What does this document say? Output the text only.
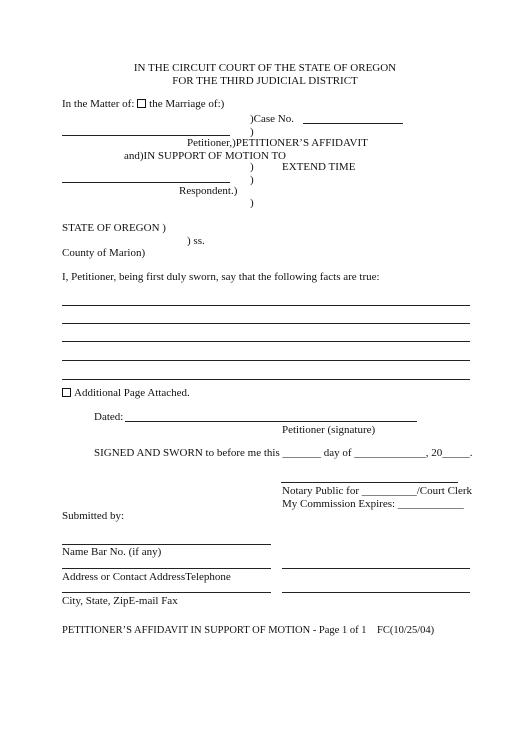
IN THE CIRCUIT COURT OF THE STATE OF OREGON
FOR THE THIRD JUDICIAL DISTRICT
In the Matter of: the Marriage of:)
)Case No.
)
Petitioner,)PETITIONER’S AFFIDAVIT
and)IN SUPPORT OF MOTION TO
)	EXTEND TIME
)
Respondent.)
)
STATE OF OREGON )
) ss.
County of Marion)
I, Petitioner, being first duly sworn, say that the following facts are true:
Additional Page Attached.
Dated:
Petitioner (signature)
SIGNED AND SWORN to before me this _______ day of _____________, 20_____.
Notary Public for __________/Court Clerk
My Commission Expires: ____________
Submitted by:
Name Bar No. (if any)
Address or Contact AddressTelephone
City, State, ZipE-mail Fax
PETITIONER’S AFFIDAVIT IN SUPPORT OF MOTION - Page 1 of 1 FC(10/25/04)
